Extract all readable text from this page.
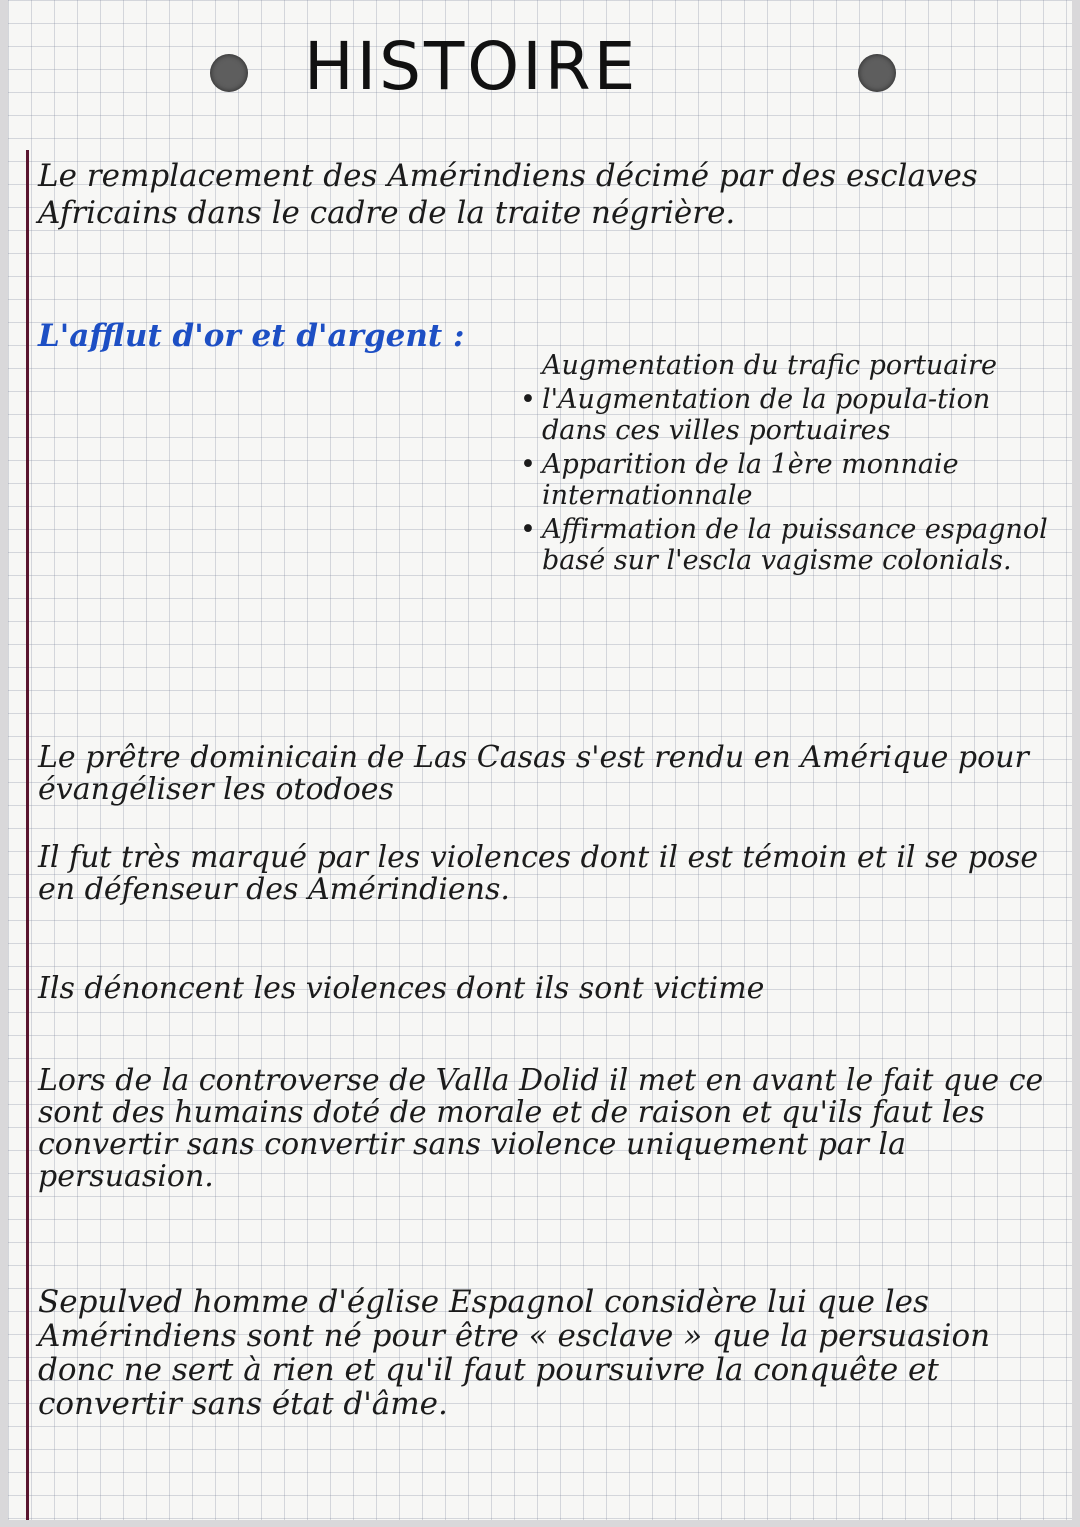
HISTOIRE

Le remplacement des Amérindiens décimé par des esclaves Africains dans le cadre de la traite négrière.

L'afflut d'or et d'argent :

Augmentation du trafic portuaire
• l'Augmentation de la popula-tion dans ces villes portuaires
• Apparition de la 1ère monnaie internationnale
• Affirmation de la puissance espagnol basé sur l'escla vagisme colonials.

Le prêtre dominicain de Las Casas s'est rendu en Amérique pour évangéliser les otodoes

Il fut très marqué par les violences dont il est témoin et il se pose en défenseur des Amérindiens.

Ils dénoncent les violences dont ils sont victime

Lors de la controverse de Valla Dolid il met en avant le fait que ce sont des humains doté de morale et de raison et qu'ils faut les convertir sans convertir sans violence uniquement par la persuasion.

Sepulved homme d'église Espagnol considère lui que les Amérindiens sont né pour être « esclave » que la persuasion donc ne sert à rien et qu'il faut poursuivre la conquête et convertir sans état d'âme.
